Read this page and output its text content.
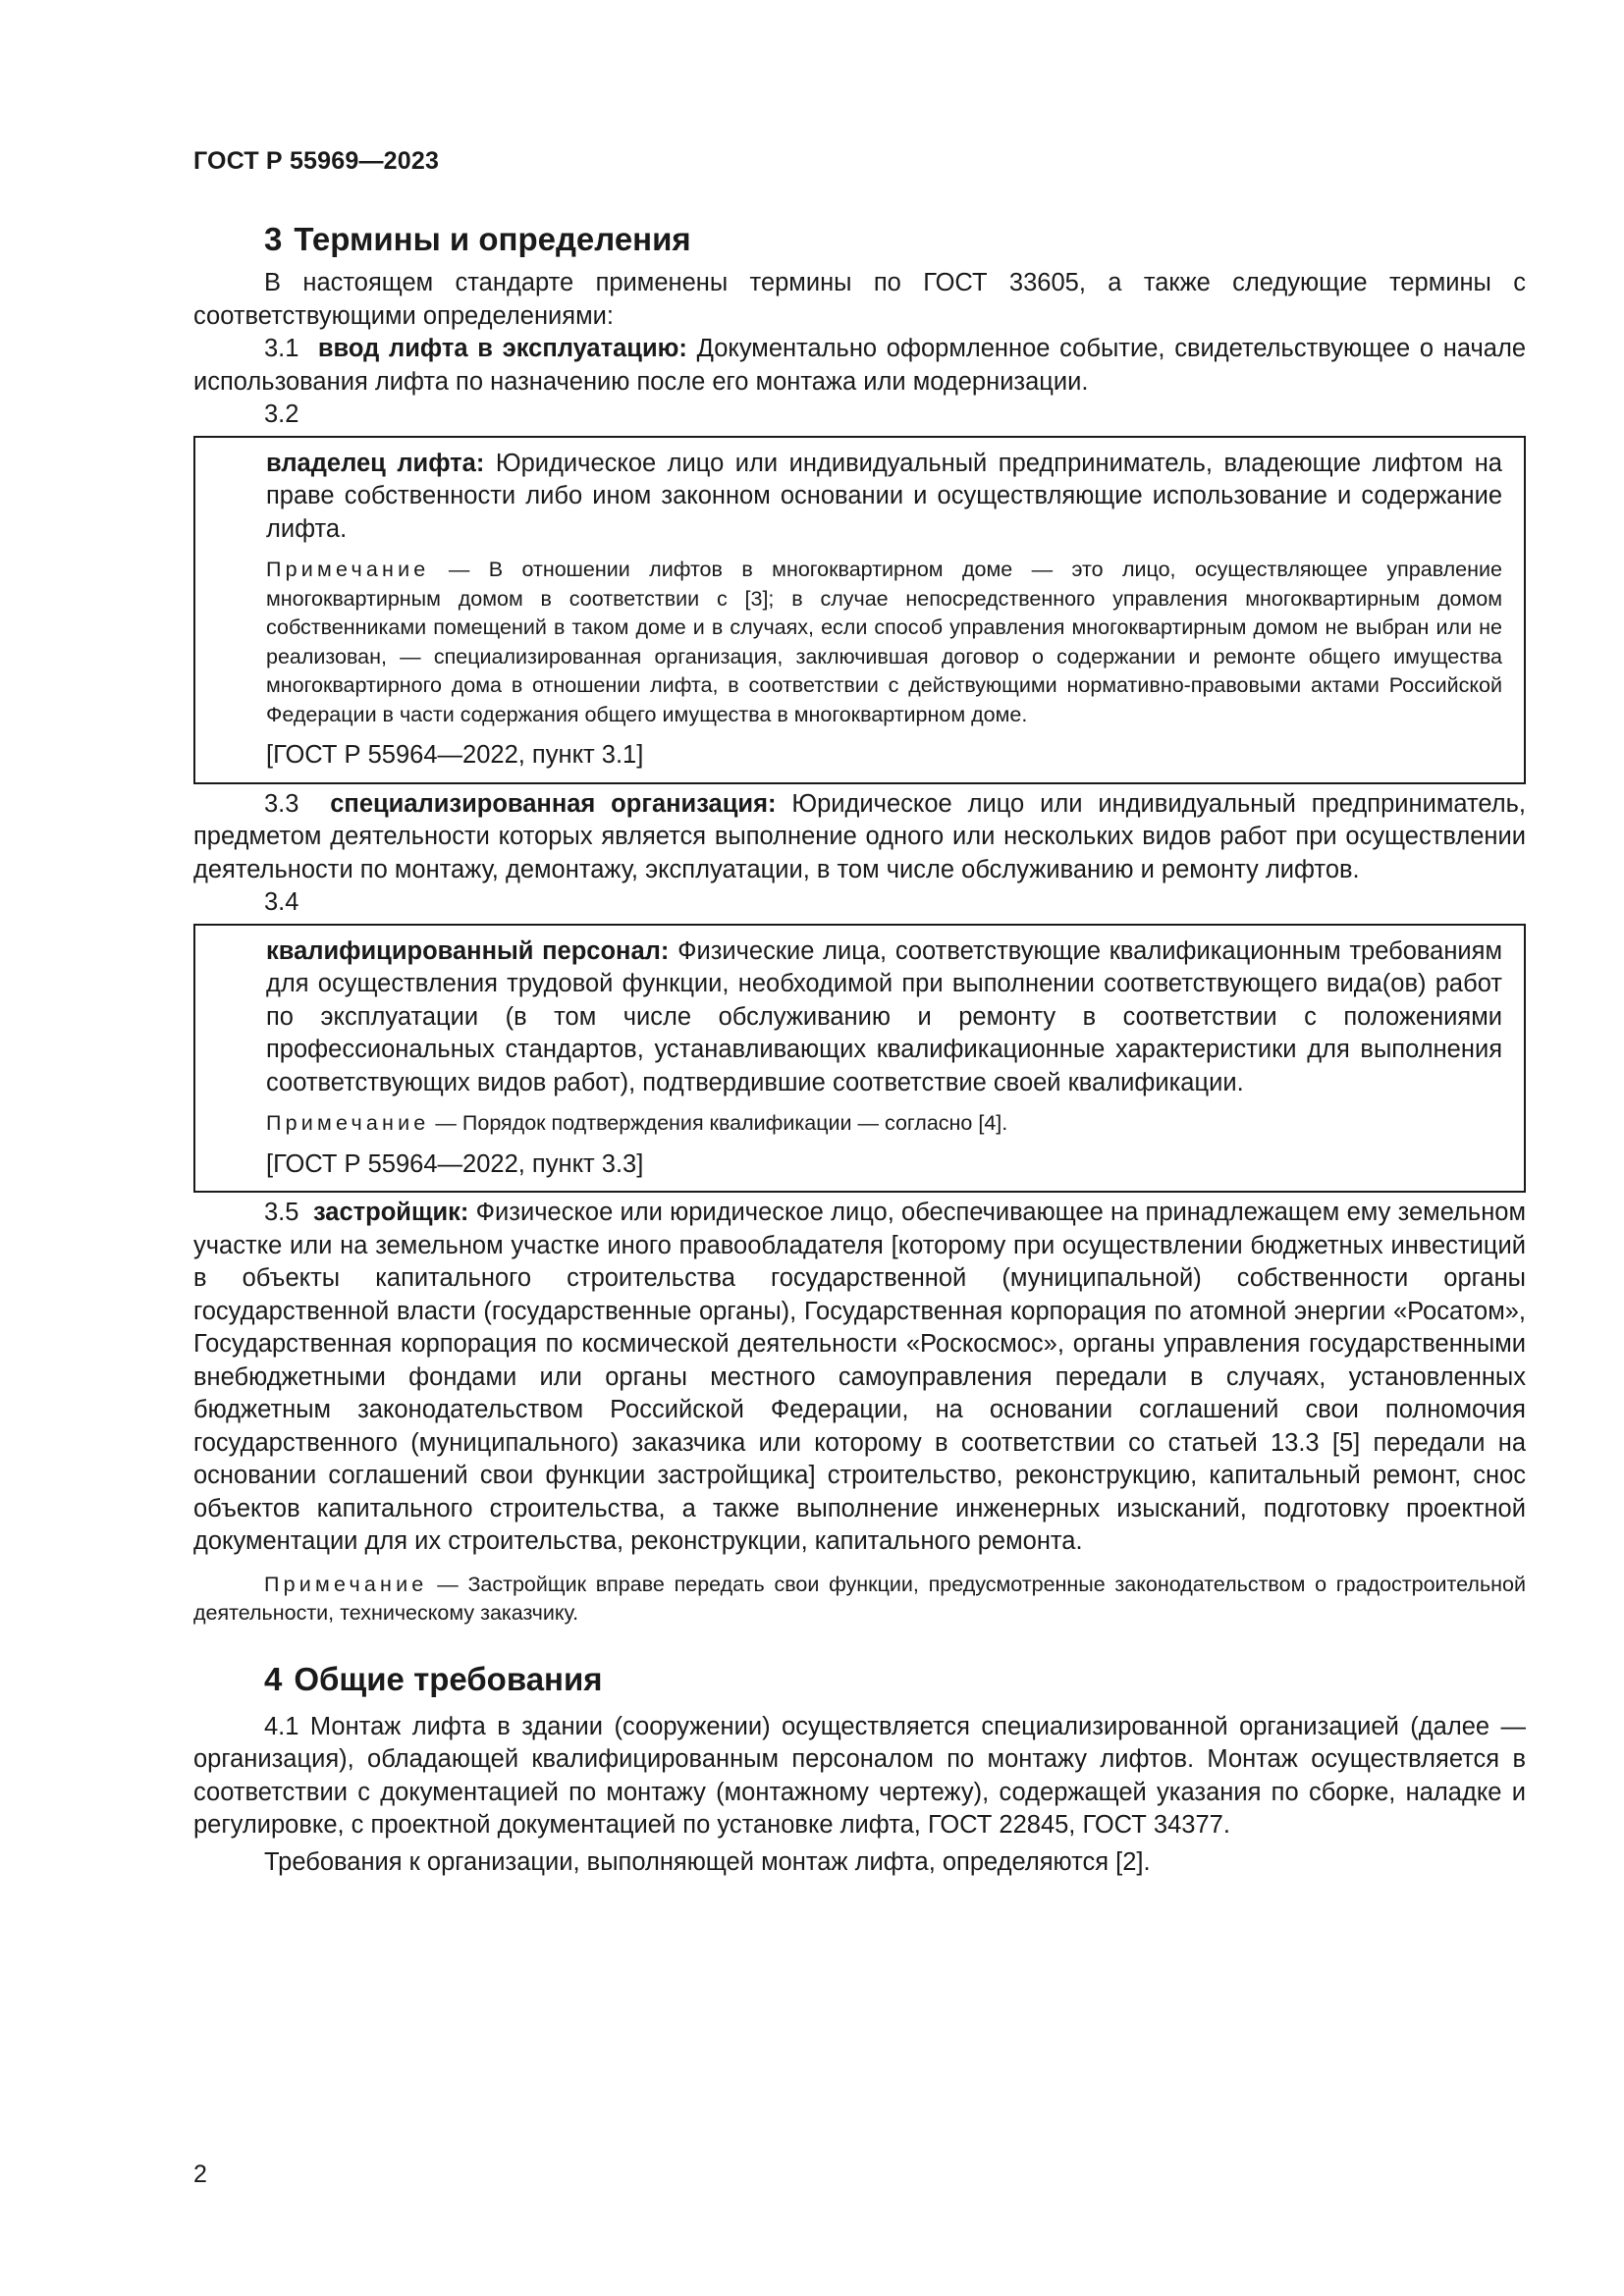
ГОСТ Р 55969—2023
3 Термины и определения

В настоящем стандарте применены термины по ГОСТ 33605, а также следующие термины с соответствующими определениями:

3.1 ввод лифта в эксплуатацию: Документально оформленное событие, свидетельствующее о начале использования лифта по назначению после его монтажа или модернизации.

3.2

владелец лифта: Юридическое лицо или индивидуальный предприниматель, владеющие лифтом на праве собственности либо ином законном основании и осуществляющие использование и содержание лифта.

Примечание — В отношении лифтов в многоквартирном доме — это лицо, осуществляющее управление многоквартирным домом в соответствии с [3]; в случае непосредственного управления многоквартирным домом собственниками помещений в таком доме и в случаях, если способ управления многоквартирным домом не выбран или не реализован, — специализированная организация, заключившая договор о содержании и ремонте общего имущества многоквартирного дома в отношении лифта, в соответствии с действующими нормативно-правовыми актами Российской Федерации в части содержания общего имущества в многоквартирном доме.

[ГОСТ Р 55964—2022, пункт 3.1]

3.3 специализированная организация: Юридическое лицо или индивидуальный предприниматель, предметом деятельности которых является выполнение одного или нескольких видов работ при осуществлении деятельности по монтажу, демонтажу, эксплуатации, в том числе обслуживанию и ремонту лифтов.

3.4

квалифицированный персонал: Физические лица, соответствующие квалификационным требованиям для осуществления трудовой функции, необходимой при выполнении соответствующего вида(ов) работ по эксплуатации (в том числе обслуживанию и ремонту в соответствии с положениями профессиональных стандартов, устанавливающих квалификационные характеристики для выполнения соответствующих видов работ), подтвердившие соответствие своей квалификации.

Примечание — Порядок подтверждения квалификации — согласно [4].

[ГОСТ Р 55964—2022, пункт 3.3]

3.5 застройщик: Физическое или юридическое лицо, обеспечивающее на принадлежащем ему земельном участке или на земельном участке иного правообладателя [которому при осуществлении бюджетных инвестиций в объекты капитального строительства государственной (муниципальной) собственности органы государственной власти (государственные органы), Государственная корпорация по атомной энергии «Росатом», Государственная корпорация по космической деятельности «Роскосмос», органы управления государственными внебюджетными фондами или органы местного самоуправления передали в случаях, установленных бюджетным законодательством Российской Федерации, на основании соглашений свои полномочия государственного (муниципального) заказчика или которому в соответствии со статьей 13.3 [5] передали на основании соглашений свои функции застройщика] строительство, реконструкцию, капитальный ремонт, снос объектов капитального строительства, а также выполнение инженерных изысканий, подготовку проектной документации для их строительства, реконструкции, капитального ремонта.

Примечание — Застройщик вправе передать свои функции, предусмотренные законодательством о градостроительной деятельности, техническому заказчику.

4 Общие требования

4.1 Монтаж лифта в здании (сооружении) осуществляется специализированной организацией (далее — организация), обладающей квалифицированным персоналом по монтажу лифтов. Монтаж осуществляется в соответствии с документацией по монтажу (монтажному чертежу), содержащей указания по сборке, наладке и регулировке, с проектной документацией по установке лифта, ГОСТ 22845, ГОСТ 34377.

Требования к организации, выполняющей монтаж лифта, определяются [2].

2
